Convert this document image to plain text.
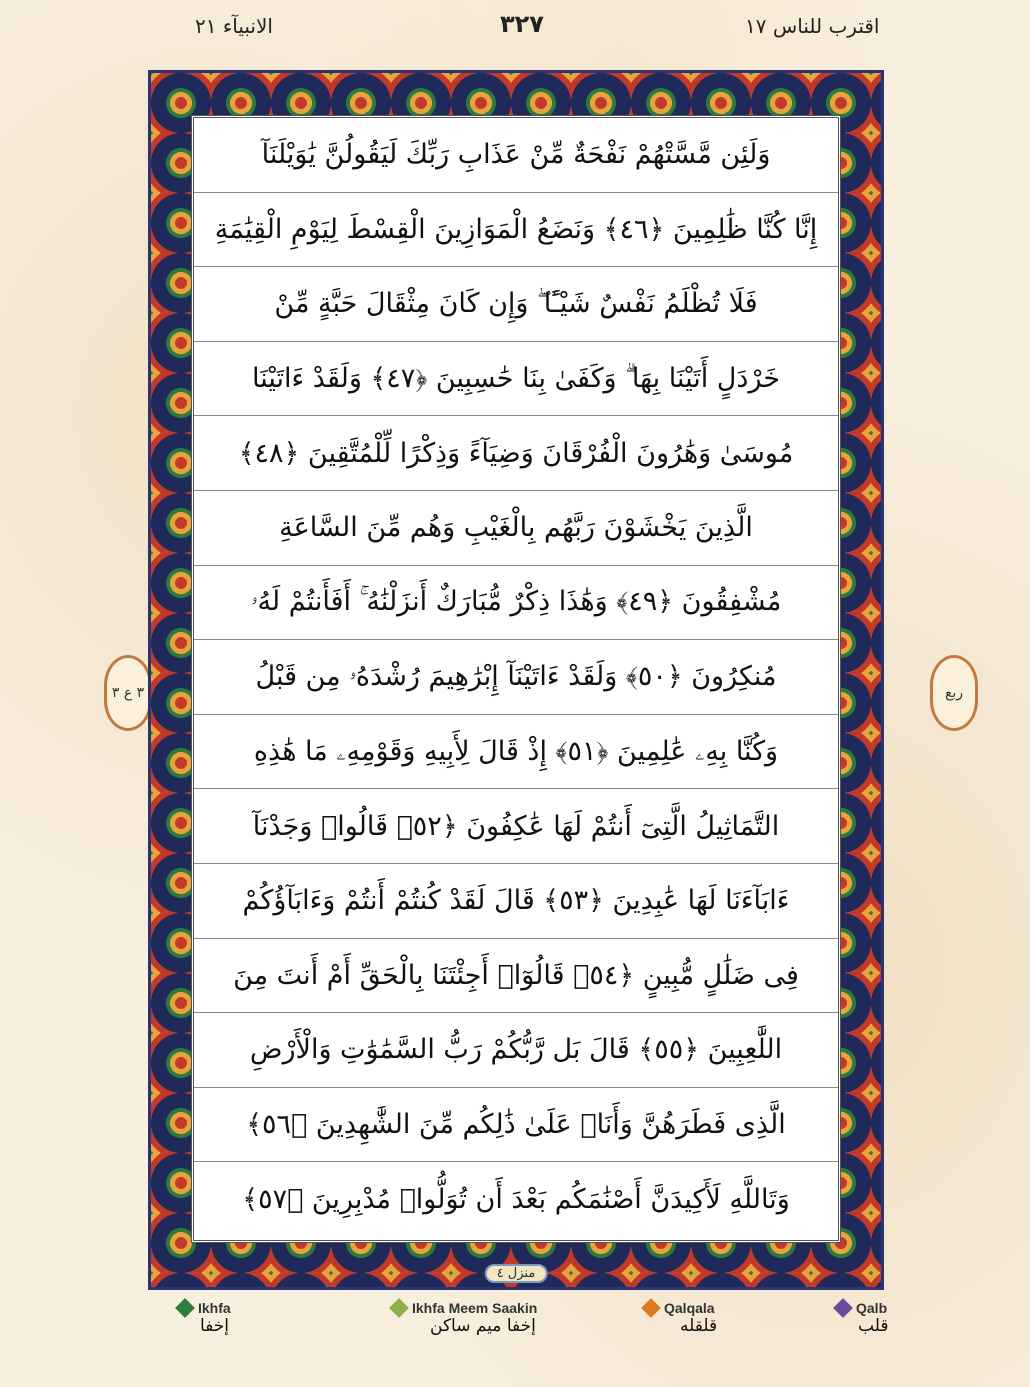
الانبيآء ٢١	٣٢٧	اقترب للناس ١٧
٣ ع ٣	ربع
وَلَئِن مَّسَّتْهُمْ نَفْحَةٌ مِّنْ عَذَابِ رَبِّكَ لَيَقُولُنَّ يَٰوَيْلَنَآ
إِنَّا كُنَّا ظَٰلِمِينَ ﴿٤٦﴾ وَنَضَعُ الْمَوَازِينَ الْقِسْطَ لِيَوْمِ الْقِيَٰمَةِ
فَلَا تُظْلَمُ نَفْسٌ شَيْـًٔا ۖ وَإِن كَانَ مِثْقَالَ حَبَّةٍ مِّنْ
خَرْدَلٍ أَتَيْنَا بِهَا ۗ وَكَفَىٰ بِنَا حَٰسِبِينَ ﴿٤٧﴾ وَلَقَدْ ءَاتَيْنَا
مُوسَىٰ وَهَٰرُونَ الْفُرْقَانَ وَضِيَآءً وَذِكْرًا لِّلْمُتَّقِينَ ﴿٤٨﴾
الَّذِينَ يَخْشَوْنَ رَبَّهُم بِالْغَيْبِ وَهُم مِّنَ السَّاعَةِ
مُشْفِقُونَ ﴿٤٩﴾ وَهَٰذَا ذِكْرٌ مُّبَارَكٌ أَنزَلْنَٰهُ ۚ أَفَأَنتُمْ لَهُۥ
مُنكِرُونَ ﴿٥٠﴾ وَلَقَدْ ءَاتَيْنَآ إِبْرَٰهِيمَ رُشْدَهُۥ مِن قَبْلُ
وَكُنَّا بِهِۦ عَٰلِمِينَ ﴿٥١﴾ إِذْ قَالَ لِأَبِيهِ وَقَوْمِهِۦ مَا هَٰذِهِ
التَّمَاثِيلُ الَّتِىٓ أَنتُمْ لَهَا عَٰكِفُونَ ﴿٥٢﴾ قَالُوا۟ وَجَدْنَآ
ءَابَآءَنَا لَهَا عَٰبِدِينَ ﴿٥٣﴾ قَالَ لَقَدْ كُنتُمْ أَنتُمْ وَءَابَآؤُكُمْ
فِى ضَلَٰلٍ مُّبِينٍ ﴿٥٤﴾ قَالُوٓا۟ أَجِئْتَنَا بِالْحَقِّ أَمْ أَنتَ مِنَ
اللَّٰعِبِينَ ﴿٥٥﴾ قَالَ بَل رَّبُّكُمْ رَبُّ السَّمَٰوَٰتِ وَالْأَرْضِ
الَّذِى فَطَرَهُنَّ وَأَنَا۠ عَلَىٰ ذَٰلِكُم مِّنَ الشَّٰهِدِينَ ﴿٥٦﴾
وَتَاللَّهِ لَأَكِيدَنَّ أَصْنَٰمَكُم بَعْدَ أَن تُوَلُّوا۟ مُدْبِرِينَ ﴿٥٧﴾
منزل ٤
Ikhfa
إخفا
Ikhfa Meem Saakin
إخفا ميم ساكن
Qalqala
قلقله
Qalb
قلب
